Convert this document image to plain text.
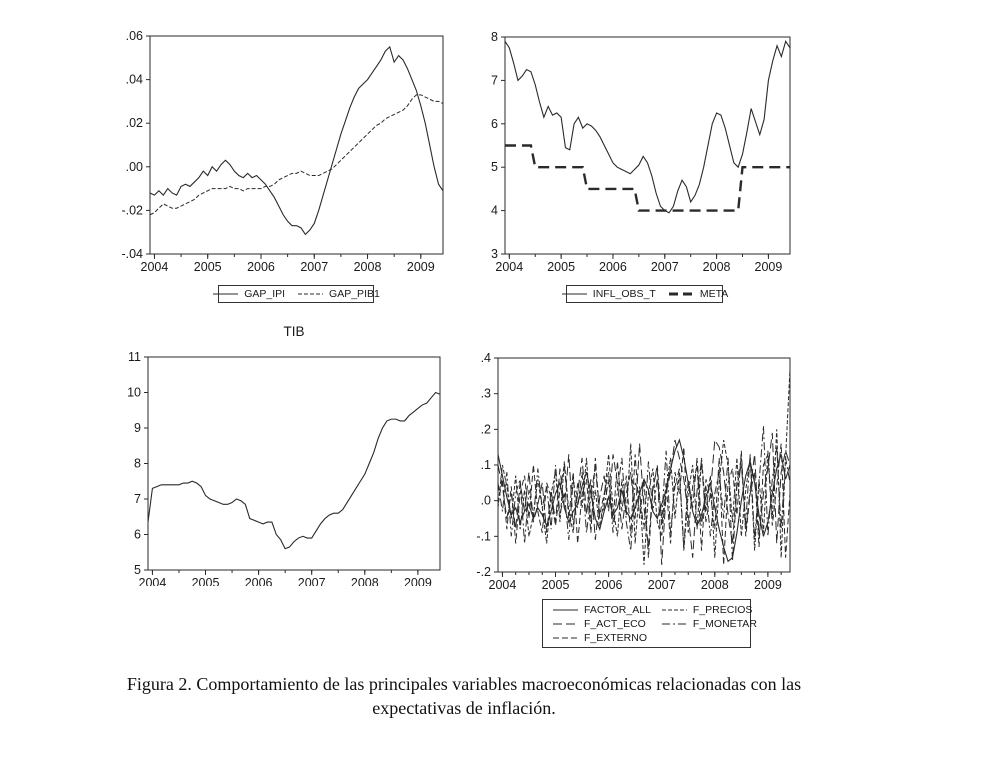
.06
.04
.02
.00
-.02
-.04
2004 2005 2006 2007 2008 2009
8
7
6
5
4
3
2004 2005 2006 2007 2008 2009
11
10
9
8
7
6
5
2004 2005 2006 2007 2008 2009
TIB
.4
.3
.2
.1
.0
-.1
-.2
2004 2005 2006 2007 2008 2009
Figura 2. Comportamiento de las principales variables macroeconómicas relacionadas con las
expectativas de inflación.
GAP_IPI	GAP_PIB1	INFL_OBS_T	META
FACTOR_ALL	F_PRECIOS
F_ACT_ECO	F_MONETAR
F_EXTERNO
